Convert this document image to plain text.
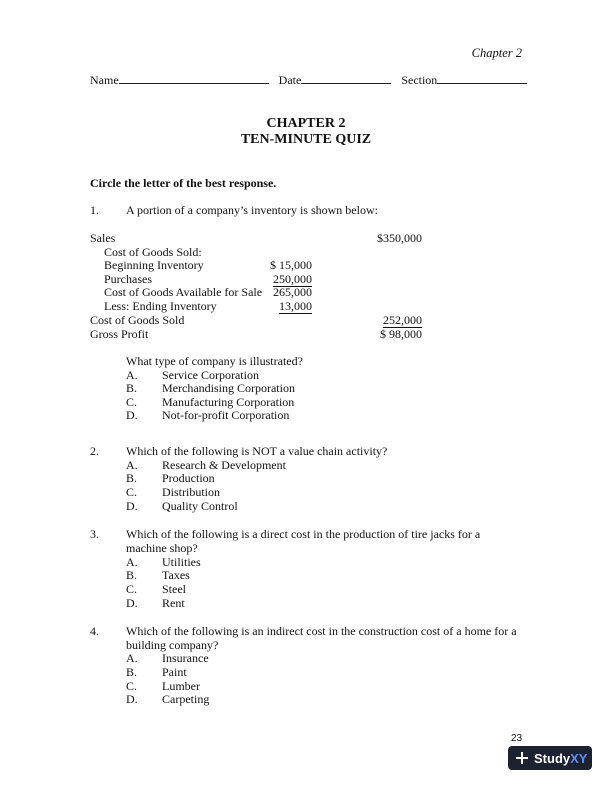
Chapter 2
Name	Date	Section
CHAPTER 2
TEN-MINUTE QUIZ
Circle the letter of the best response.
1. A portion of a company’s inventory is shown below:
Sales	$350,000
Cost of Goods Sold:
Beginning Inventory	$ 15,000
Purchases	250,000
Cost of Goods Available for Sale 265,000
Less: Ending Inventory	13,000
Cost of Goods Sold	252,000
Gross Profit	$ 98,000
What type of company is illustrated?
A. Service Corporation
B. Merchandising Corporation
C. Manufacturing Corporation
D. Not-for-profit Corporation
2. Which of the following is NOT a value chain activity?
A. Research & Development
B. Production
C. Distribution
D. Quality Control
3. Which of the following is a direct cost in the production of tire jacks for a
machine shop?
A. Utilities
B. Taxes
C. Steel
D. Rent
4. Which of the following is an indirect cost in the construction cost of a home for a
building company?
A. Insurance
B. Paint
C. Lumber
D. Carpeting
23
StudyXY
